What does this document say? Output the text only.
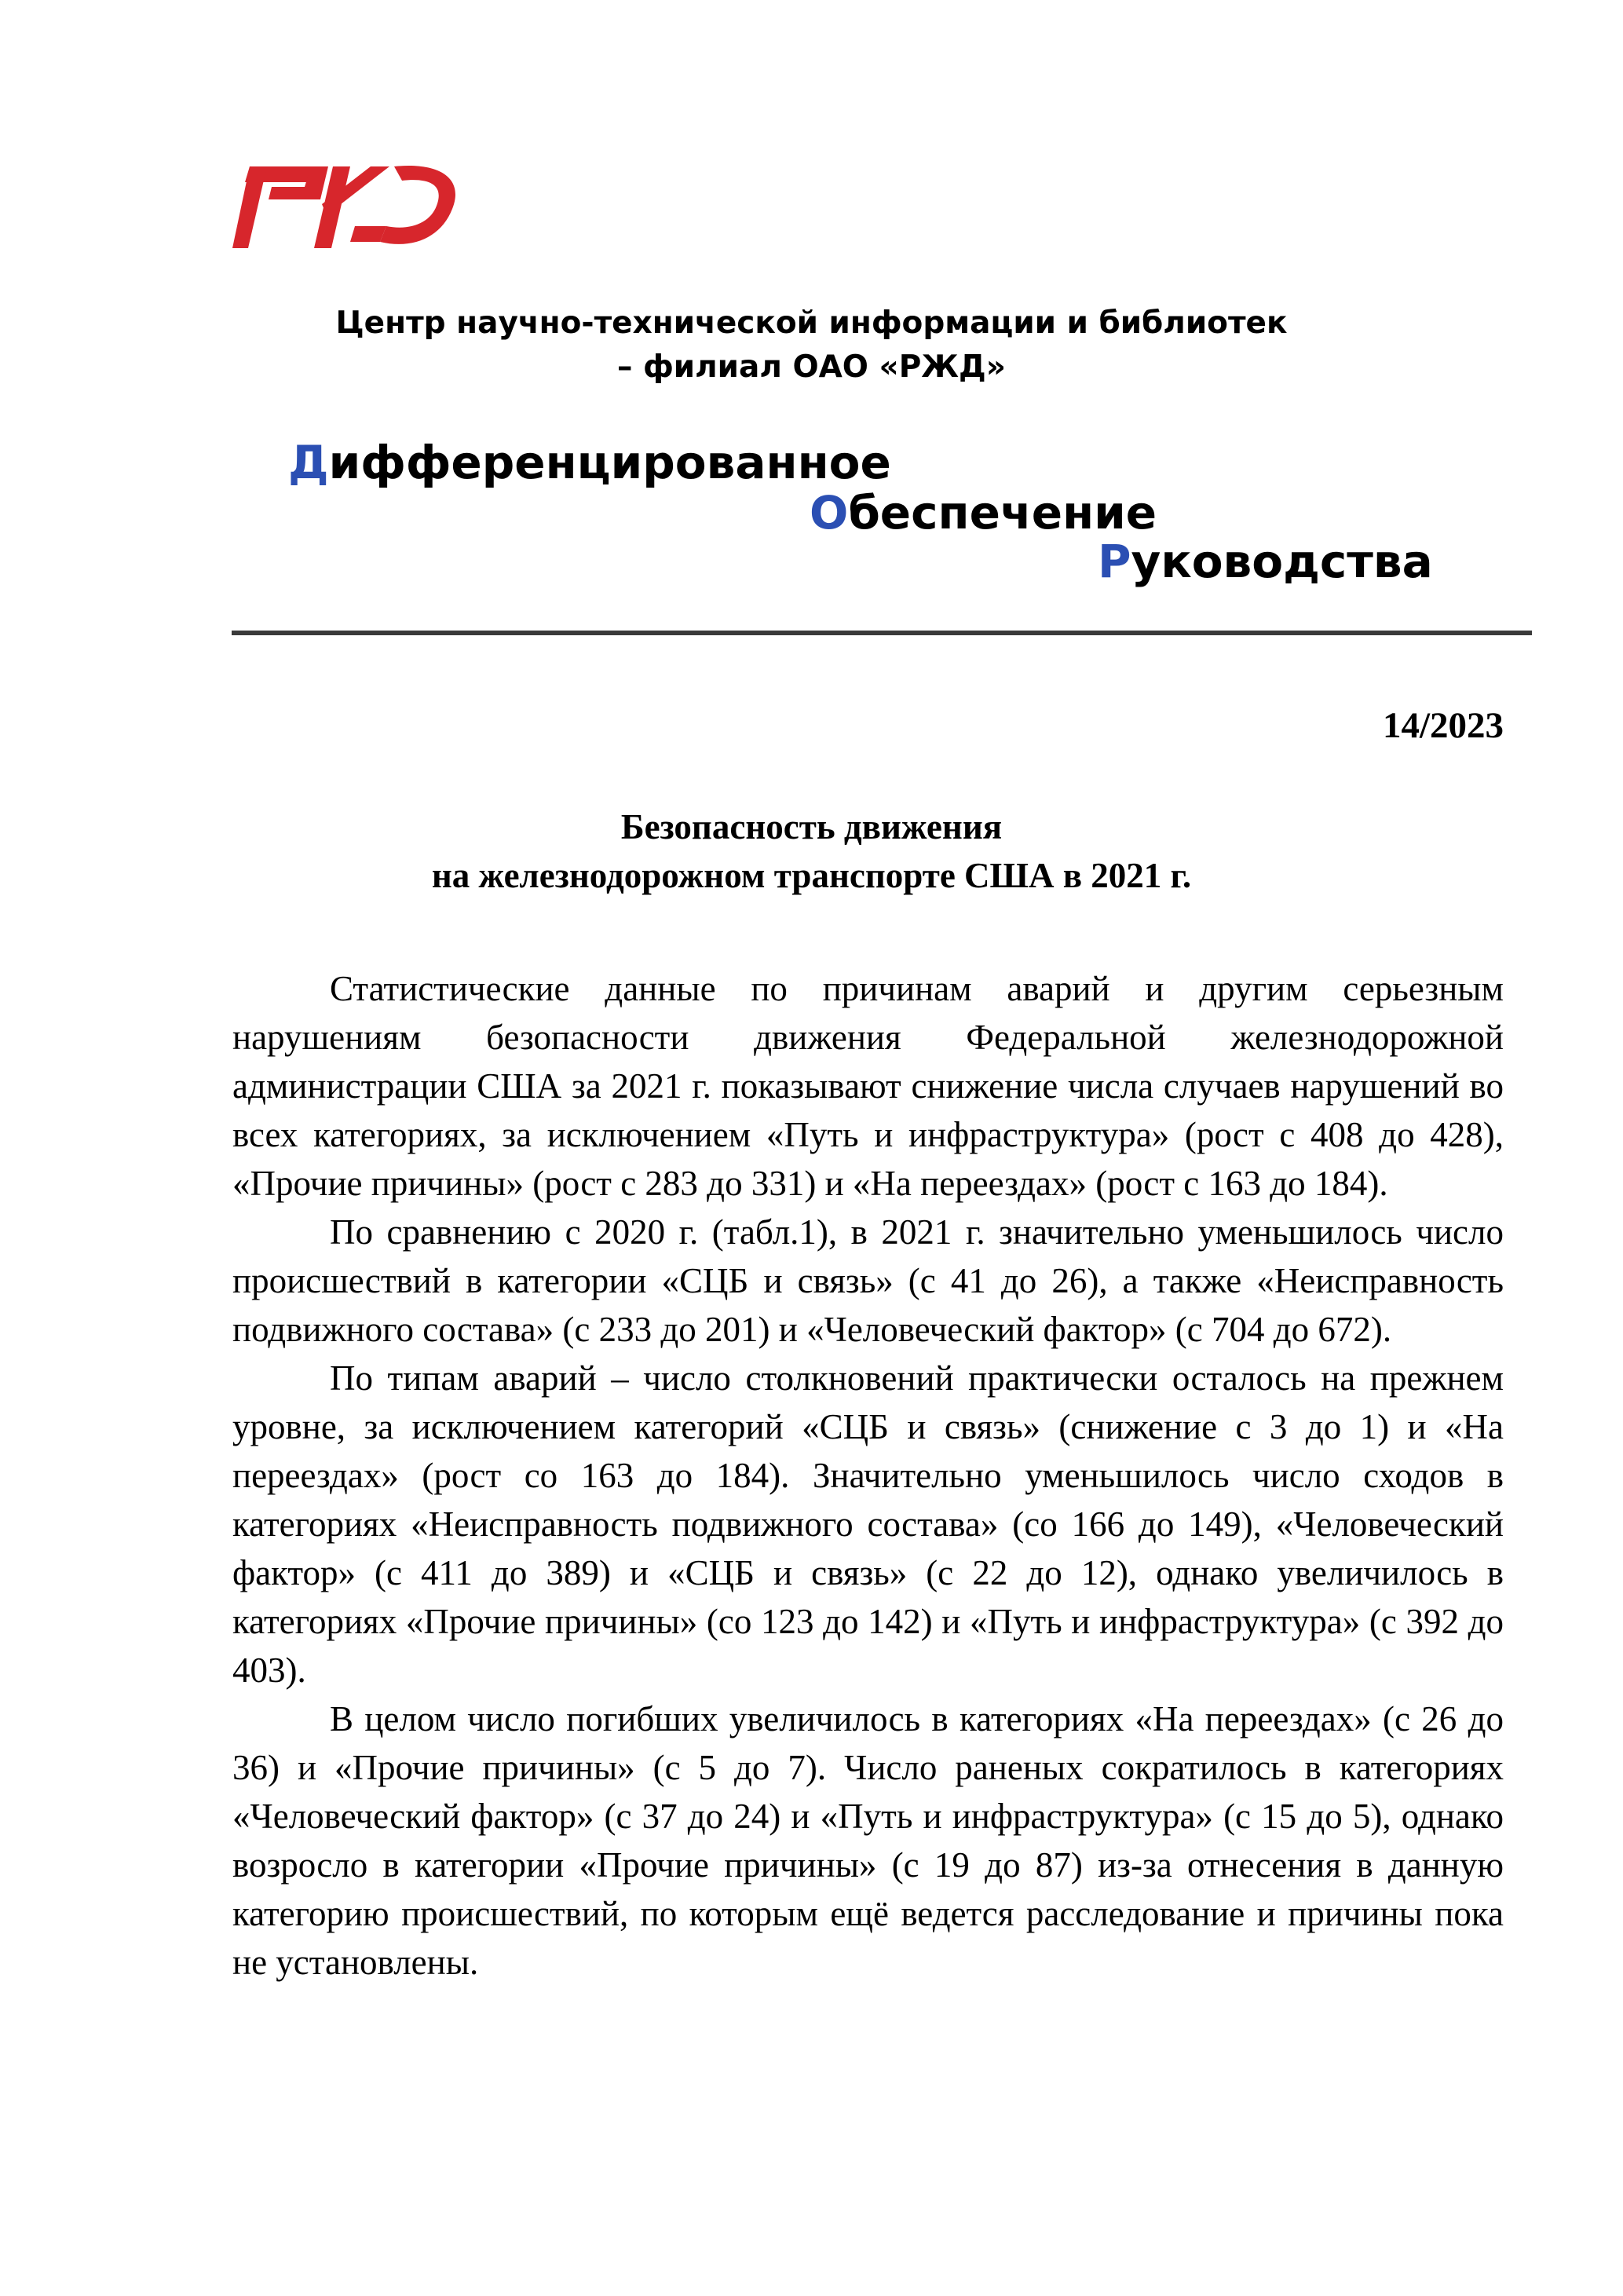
Центр научно-технической информации и библиотек
– филиал ОАО «РЖД»
Дифференцированное
Обеспечение
Руководства
14/2023
Безопасность движения
на железнодорожном транспорте США в 2021 г.

Статистические данные по причинам аварий и другим серьезным нарушениям безопасности движения Федеральной железнодорожной администрации США за 2021 г. показывают снижение числа случаев нарушений во всех категориях, за исключением «Путь и инфраструктура» (рост с 408 до 428), «Прочие причины» (рост с 283 до 331) и «На переездах» (рост с 163 до 184).

По сравнению с 2020 г. (табл.1), в 2021 г. значительно уменьшилось число происшествий в категории «СЦБ и связь» (с 41 до 26), а также «Неисправность подвижного состава» (с 233 до 201) и «Человеческий фактор» (с 704 до 672).

По типам аварий – число столкновений практически осталось на прежнем уровне, за исключением категорий «СЦБ и связь» (снижение с 3 до 1) и «На переездах» (рост со 163 до 184). Значительно уменьшилось число сходов в категориях «Неисправность подвижного состава» (со 166 до 149), «Человеческий фактор» (с 411 до 389) и «СЦБ и связь» (с 22 до 12), однако увеличилось в категориях «Прочие причины» (со 123 до 142) и «Путь и инфраструктура» (с 392 до 403).

В целом число погибших увеличилось в категориях «На переездах» (с 26 до 36) и «Прочие причины» (с 5 до 7). Число раненых сократилось в категориях «Человеческий фактор» (с 37 до 24) и «Путь и инфраструктура» (с 15 до 5), однако возросло в категории «Прочие причины» (с 19 до 87) из-за отнесения в данную категорию происшествий, по которым ещё ведется расследование и причины пока не установлены.
